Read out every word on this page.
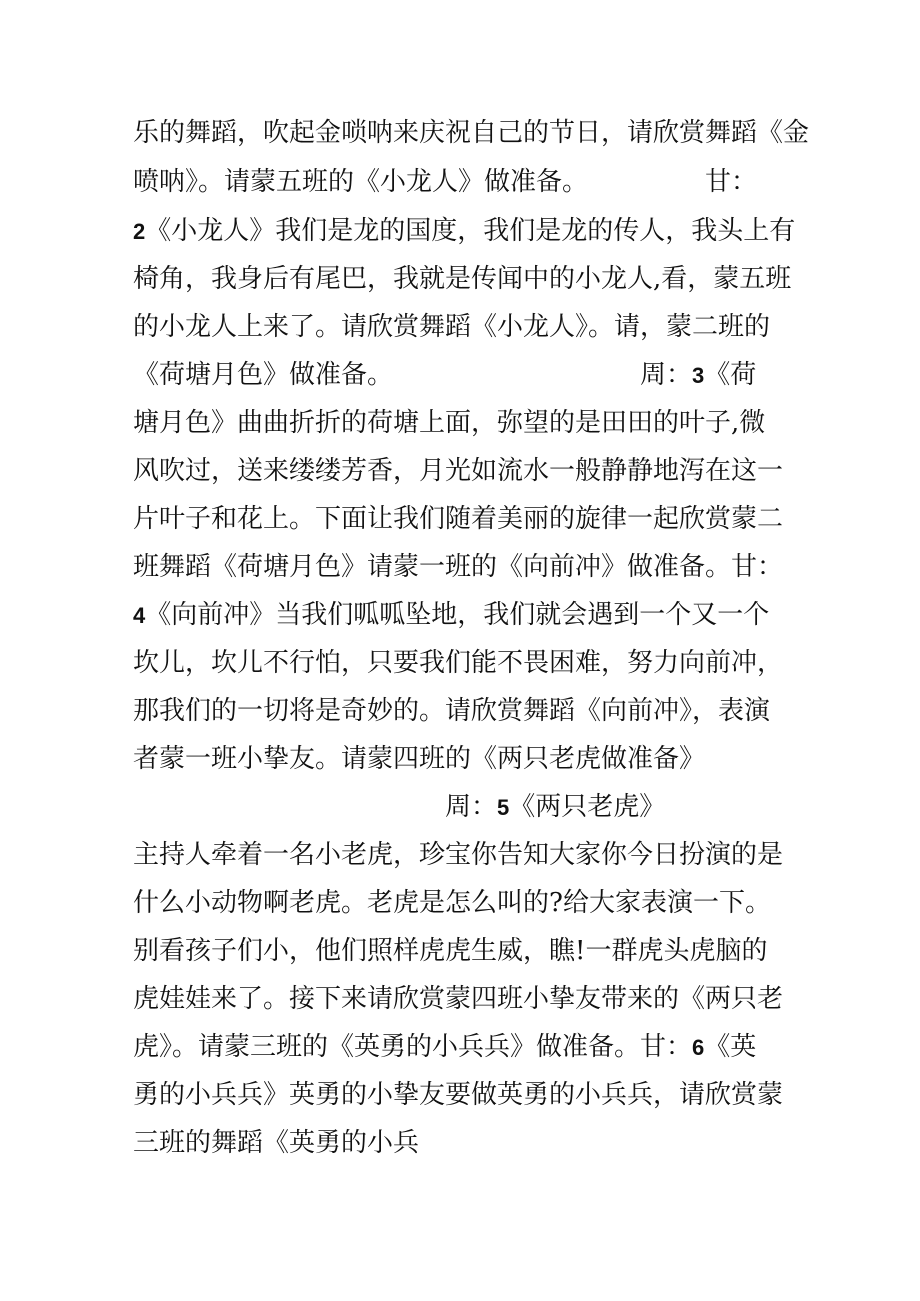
乐的舞蹈，吹起金唢呐来庆祝自己的节日，请欣赏舞蹈《金
喷呐》。请蒙五班的《小龙人》做准备。　　　　　甘：
2《小龙人》我们是龙的国度，我们是龙的传人，我头上有
椅角，我身后有尾巴，我就是传闻中的小龙人,看，蒙五班
的小龙人上来了。请欣赏舞蹈《小龙人》。请，蒙二班的
《荷塘月色》做准备。　　　　　　　　　　周：3《荷
塘月色》曲曲折折的荷塘上面，弥望的是田田的叶子,微
风吹过，送来缕缕芳香，月光如流水一般静静地泻在这一
片叶子和花上。下面让我们随着美丽的旋律一起欣赏蒙二
班舞蹈《荷塘月色》请蒙一班的《向前冲》做准备。甘：
4《向前冲》当我们呱呱坠地，我们就会遇到一个又一个
坎儿，坎儿不行怕，只要我们能不畏困难，努力向前冲，
那我们的一切将是奇妙的。请欣赏舞蹈《向前冲》，表演
者蒙一班小挚友。请蒙四班的《两只老虎做准备》
　　　　　　　　　　　　周：5《两只老虎》
主持人牵着一名小老虎，珍宝你告知大家你今日扮演的是
什么小动物啊老虎。老虎是怎么叫的?给大家表演一下。
别看孩子们小，他们照样虎虎生威，瞧!一群虎头虎脑的
虎娃娃来了。接下来请欣赏蒙四班小挚友带来的《两只老
虎》。请蒙三班的《英勇的小兵兵》做准备。甘：6《英
勇的小兵兵》英勇的小挚友要做英勇的小兵兵，请欣赏蒙
三班的舞蹈《英勇的小兵
